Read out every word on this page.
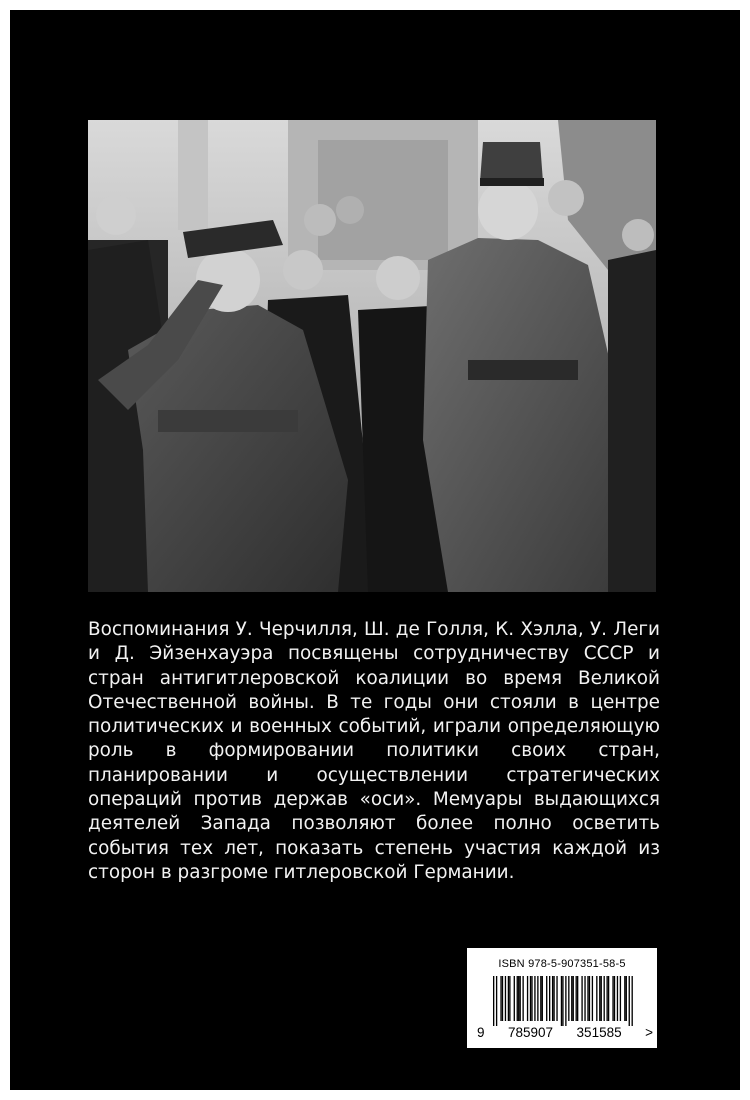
Воспоминания У. Черчилля, Ш. де Голля, К. Хэлла, У. Леги и Д. Эйзенхауэра посвящены сотрудничеству СССР и стран антигитлеровской коалиции во время Великой Отечественной войны. В те годы они стояли в центре политических и военных событий, играли определяющую роль в формировании политики своих стран, планировании и осуществлении стратегических операций против держав «оси». Мемуары выдающихся деятелей Запада позволяют более полно осветить события тех лет, показать степень участия каждой из сторон в разгроме гитлеровской Германии.

ISBN 978-5-907351-58-5
9 785907 351585 >
